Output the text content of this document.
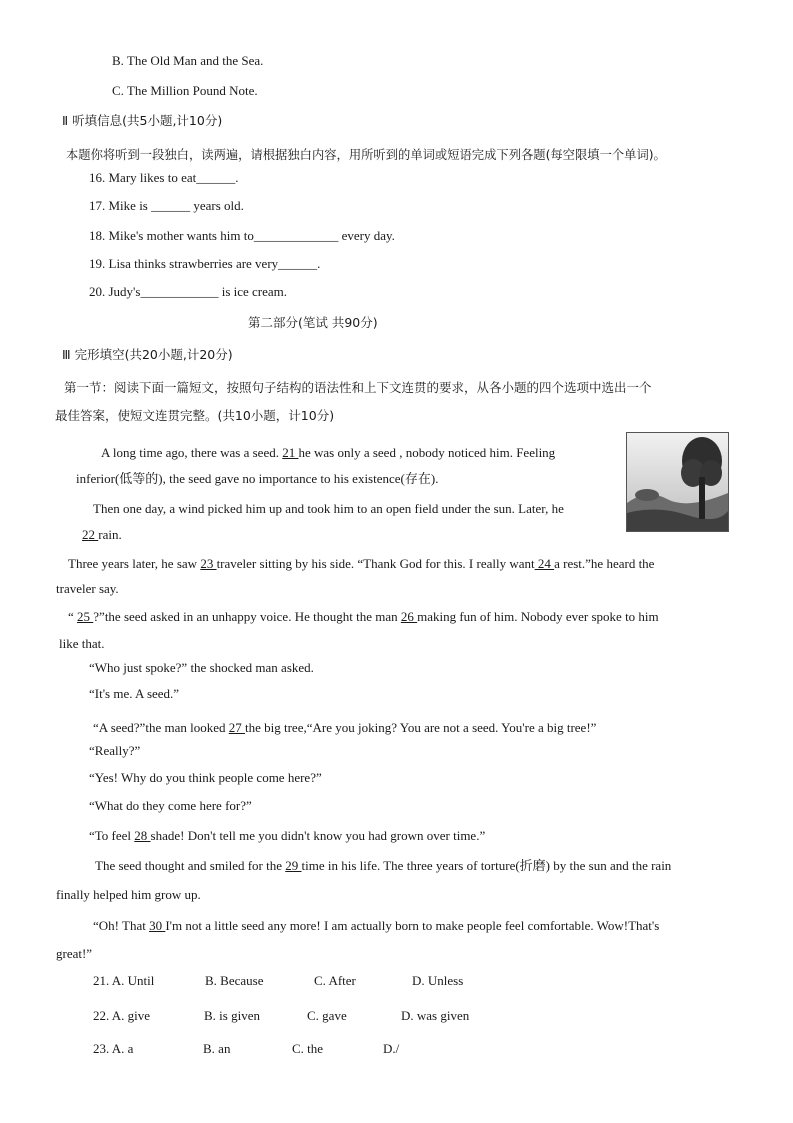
B. The Old Man and the Sea.
C. The Million Pound Note.
Ⅱ 听填信息(共5小题,计10分)
本题你将听到一段独白，读两遍，请根据独白内容，用所听到的单词或短语完成下列各题(每空限填一个单词)。
16. Mary likes to eat______.
17. Mike is ______ years old.
18. Mike's mother wants him to_____________ every day.
19. Lisa thinks strawberries are very______.
20. Judy's____________ is ice cream.
第二部分(笔试 共90分)
Ⅲ 完形填空(共20小题,计20分)
第一节：阅读下面一篇短文，按照句子结构的语法性和上下文连贯的要求，从各小题的四个选项中选出一个
最佳答案，使短文连贯完整。(共10小题，计10分)
A long time ago, there was a seed. 21 he was only a seed , nobody noticed him. Feeling
inferior(低等的), the seed gave no importance to his existence(存在).
Then one day, a wind picked him up and took him to an open field under the sun. Later, he
22 rain.
Three years later, he saw 23 traveler sitting by his side. “Thank God for this. I really want 24 a rest.”he heard the
traveler say.
“ 25 ?”the seed asked in an unhappy voice. He thought the man 26 making fun of him. Nobody ever spoke to him
like that.
“Who just spoke?” the shocked man asked.
“It's me. A seed.”
“A seed?”the man looked 27 the big tree,“Are you joking? You are not a seed. You're a big tree!”
“Really?”
“Yes! Why do you think people come here?”
“What do they come here for?”
“To feel 28 shade! Don't tell me you didn't know you had grown over time.”
The seed thought and smiled for the 29 time in his life. The three years of torture(折磨) by the sun and the rain
finally helped him grow up.
“Oh! That 30 I'm not a little seed any more! I am actually born to make people feel comfortable. Wow!That's
great!”
21. A. Until	B. Because	C. After	D. Unless
22. A. give	B. is given	C. gave	D. was given
23. A. a	B. an	C. the	D./
